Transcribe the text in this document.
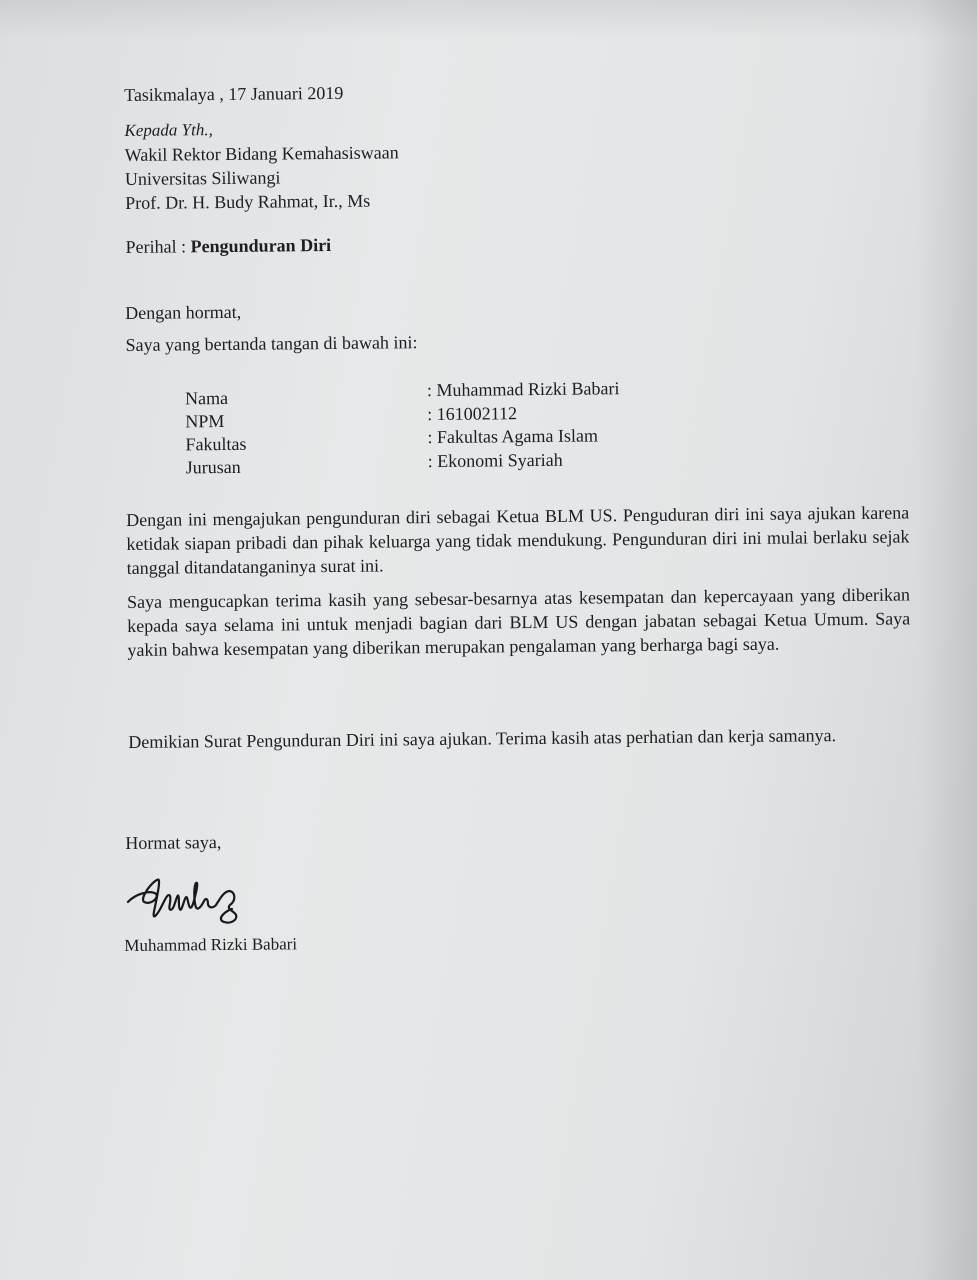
Tasikmalaya , 17 Januari 2019
Kepada Yth.,
Wakil Rektor Bidang Kemahasiswaan
Universitas Siliwangi
Prof. Dr. H. Budy Rahmat, Ir., Ms
Perihal : Pengunduran Diri
Dengan hormat,
Saya yang bertanda tangan di bawah ini:
Nama	: Muhammad Rizki Babari
NPM	: 161002112
Fakultas	: Fakultas Agama Islam
Jurusan	: Ekonomi Syariah
Dengan ini mengajukan pengunduran diri sebagai Ketua BLM US. Penguduran diri ini saya ajukan karena ketidak siapan pribadi dan pihak keluarga yang tidak mendukung. Pengunduran diri ini mulai berlaku sejak tanggal ditandatanganinya surat ini.
Saya mengucapkan terima kasih yang sebesar-besarnya atas kesempatan dan kepercayaan yang diberikan kepada saya selama ini untuk menjadi bagian dari BLM US dengan jabatan sebagai Ketua Umum. Saya yakin bahwa kesempatan yang diberikan merupakan pengalaman yang berharga bagi saya.
Demikian Surat Pengunduran Diri ini saya ajukan. Terima kasih atas perhatian dan kerja samanya.
Hormat saya,
Muhammad Rizki Babari
